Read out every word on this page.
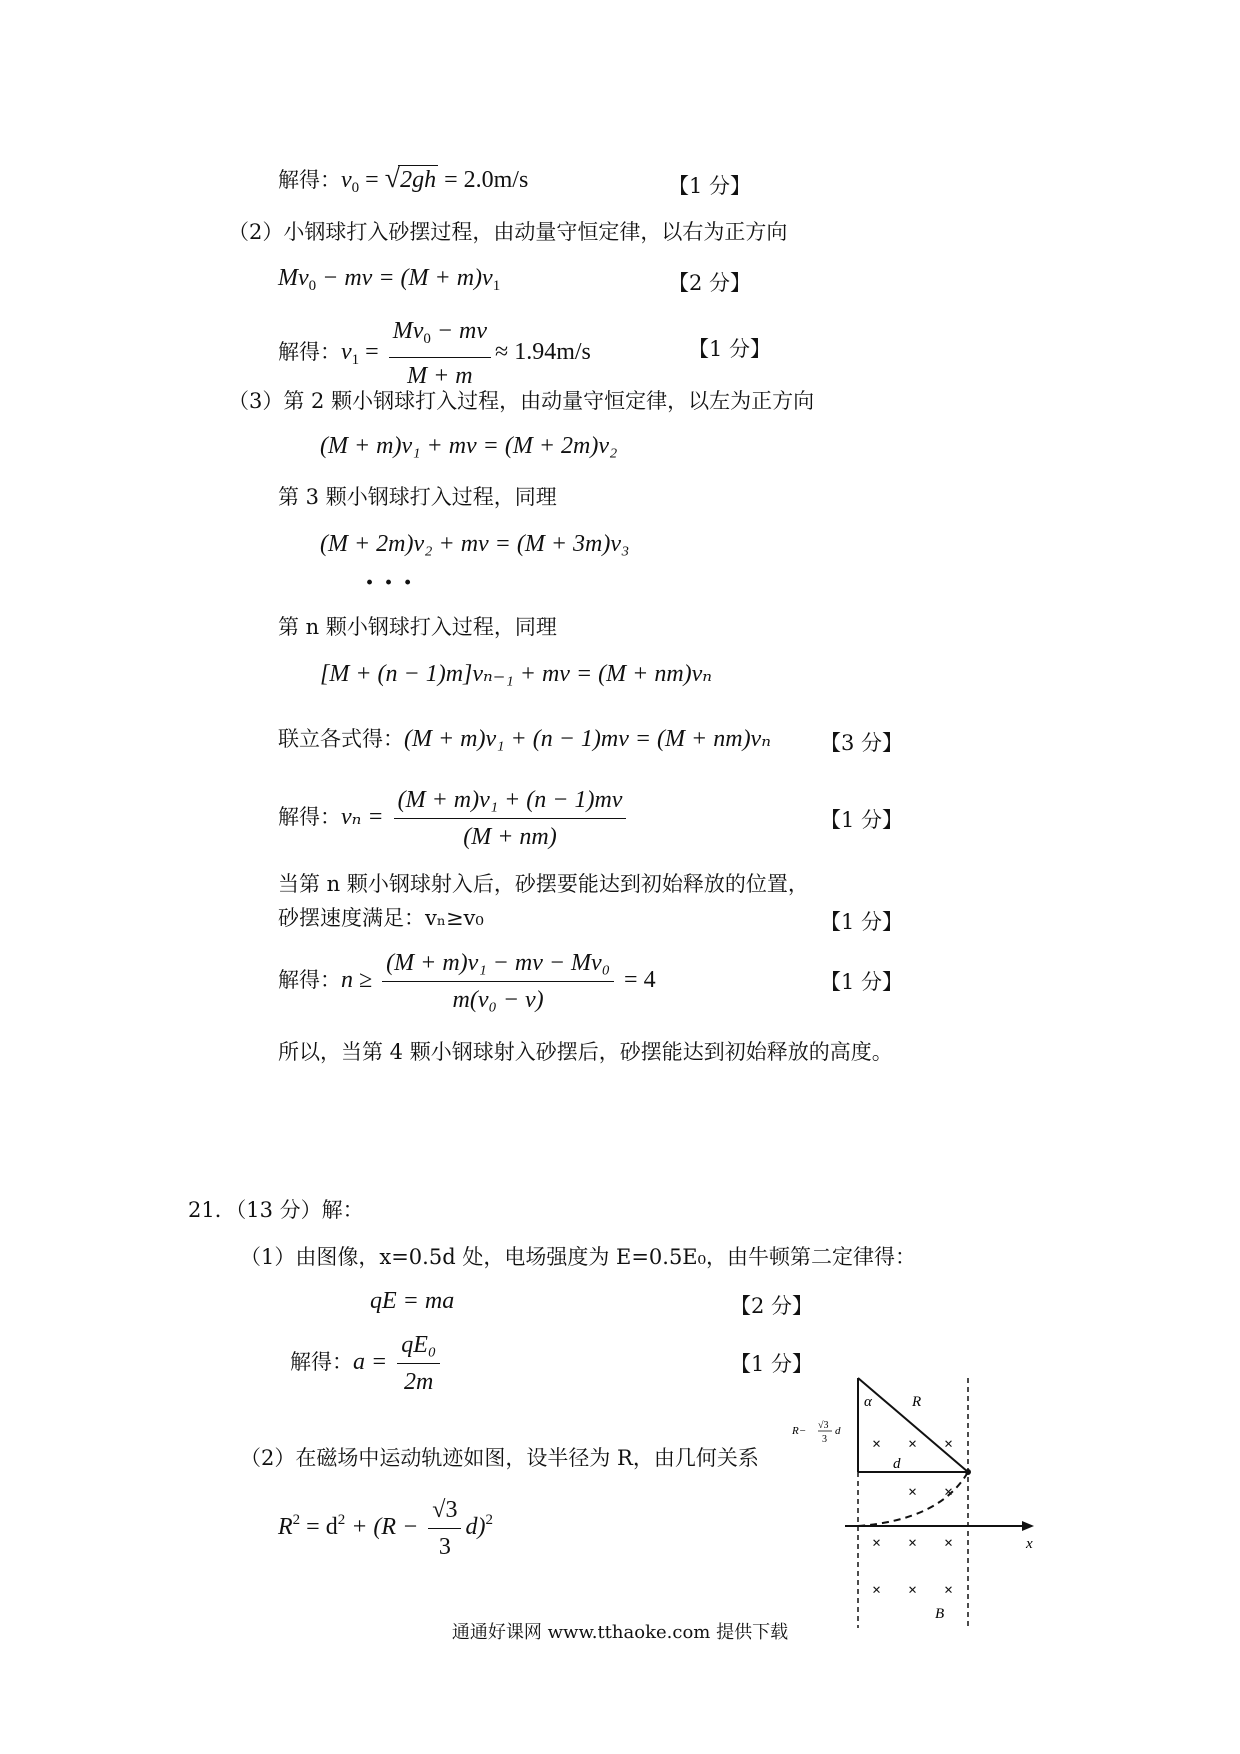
解得：$v_0 = √2gh = 2.0m/s$	【1 分】
（2）小钢球打入砂摆过程，由动量守恒定律，以右为正方向
$Mv_0$ − mv = $(M + m)v_1$	【2 分】
解得：$v_1 = \frac{Mv_0 - mv}{M + m} \approx 1.94m/s$	【1 分】
（3）第 2 颗小钢球打入过程，由动量守恒定律，以左为正方向
(M + m)v₁ + mv = (M + 2m)v₂
第 3 颗小钢球打入过程，同理
(M + 2m)v₂ + mv = (M + 3m)v₃
···
第 n 颗小钢球打入过程，同理
[M + (n − 1)m]vₙ₋₁ + mv = (M + nm)vₙ
联立各式得：(M + m)v₁ + (n − 1)mv = (M + nm)vₙ 【3 分】
解得：$v_n = \frac{\text{(M + m)v₁ + (n − 1)mv}}{(M + nm)}$	【1 分】
当第 n 颗小钢球射入后，砂摆要能达到初始释放的位置，
砂摆速度满足：vₙ≥v₀	【1 分】
解得：$n \ge \frac{\text{(M + m)v₁ − mv − Mv₀}}{\text{m(v₀ − v)}} = 4$	【1 分】
所以，当第 4 颗小钢球射入砂摆后，砂摆能达到初始释放的高度。
21．（13 分）解：
（1）由图像，x=0.5d 处，电场强度为 E=0.5E₀，由牛顿第二定律得：
qE = ma	【2 分】
解得：$a = \frac{\text{qE₀}}{2m}$	【1 分】
（2）在磁场中运动轨迹如图，设半径为 R，由几何关系
$R^2 = d^2 + (R - \frac{√3}{3} d)^2$
× × ×
× ×
× × ×
× × ×
α	R
d
R− √3
3
d
x
B
通通好课网 www.tthaoke.com 提供下载
